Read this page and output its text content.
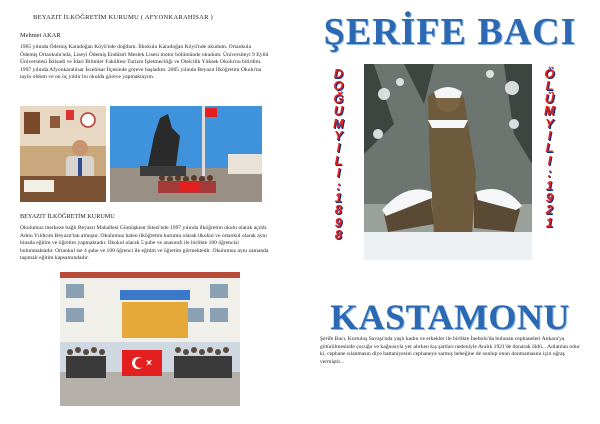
BEYAZIT İLKÖĞRETİM KURUMU ( AFYONKARAHİSAR )
Mehmet AKAR
1965 yılında Ödemiş Karadoğan Köyü'nde doğdum. İlkokulu Karadoğan Köyü'nde okudum. Ortaokulu Ödemiş Ortaokulu'nda, Liseyi Ödemiş Endüstri Meslek Lisesi motor bölümünde okudum. Üniversiteyi 9 Eylül Üniversitesi İktisadi ve İdari Bilimler Fakültesi Turizm İşletmeciliği ve Otelcilik Yüksek Okulu'nu bitirdim. 1997 yılında Afyonkarahisar İscehisar İlçesinde göreve başladım. 2005 yılında Beyazıt İlköğretim Okulu'na tayin oldum ve on üç yıldır bu okulda göreve yapmaktayım.
BEYAZIT İLKÖĞRETİM KURUMU
Okulumuz merkeze bağlı Beyazıt Mahallesi Gümüşkent Sitesi'nde 1997 yılında ilköğretim okulu olarak açıldı. Adını Yıldırım Beyazıt'tan almıştır. Okulumuz halen ilköğretim kurumu olarak ilkokul ve ortaokul olarak aynı binada eğitim ve öğretim yapmaktadır. İlkokul olarak 5 şube ve anasınıfı ile birlikte 100 öğrencisi bulunmaktadır. Ortaokul ise 4 şube ve 100 öğrenci ile eğitim ve öğretim görmektedir. Okulumuz aynı zamanda taşımalı eğitim kapsamındadır.
ŞERİFE BACI
D
O
Ğ
U
M
Y
I
L
I
:
1
8
9
8
Ö
L
Ü
M
Y
I
L
I
:
1
9
2
1
KASTAMONU
Şerife Bacı, Kurtuluş Savaşı'nda yaşlı kadın ve erkekler ile birlikte İnebolu'da bulunan cephaneleri Ankara'ya götürülmesinde çocuğu ve kağnısıyla yer alırken kış şartları nedeniyle Aralık 1921'de donarak öldü... Anlatılan odur ki, cephane ıslanmasın diye battaniyesini cephaneye sarmış bebeğine de sonlup onun donmamasını için uğraş vermiştir...
